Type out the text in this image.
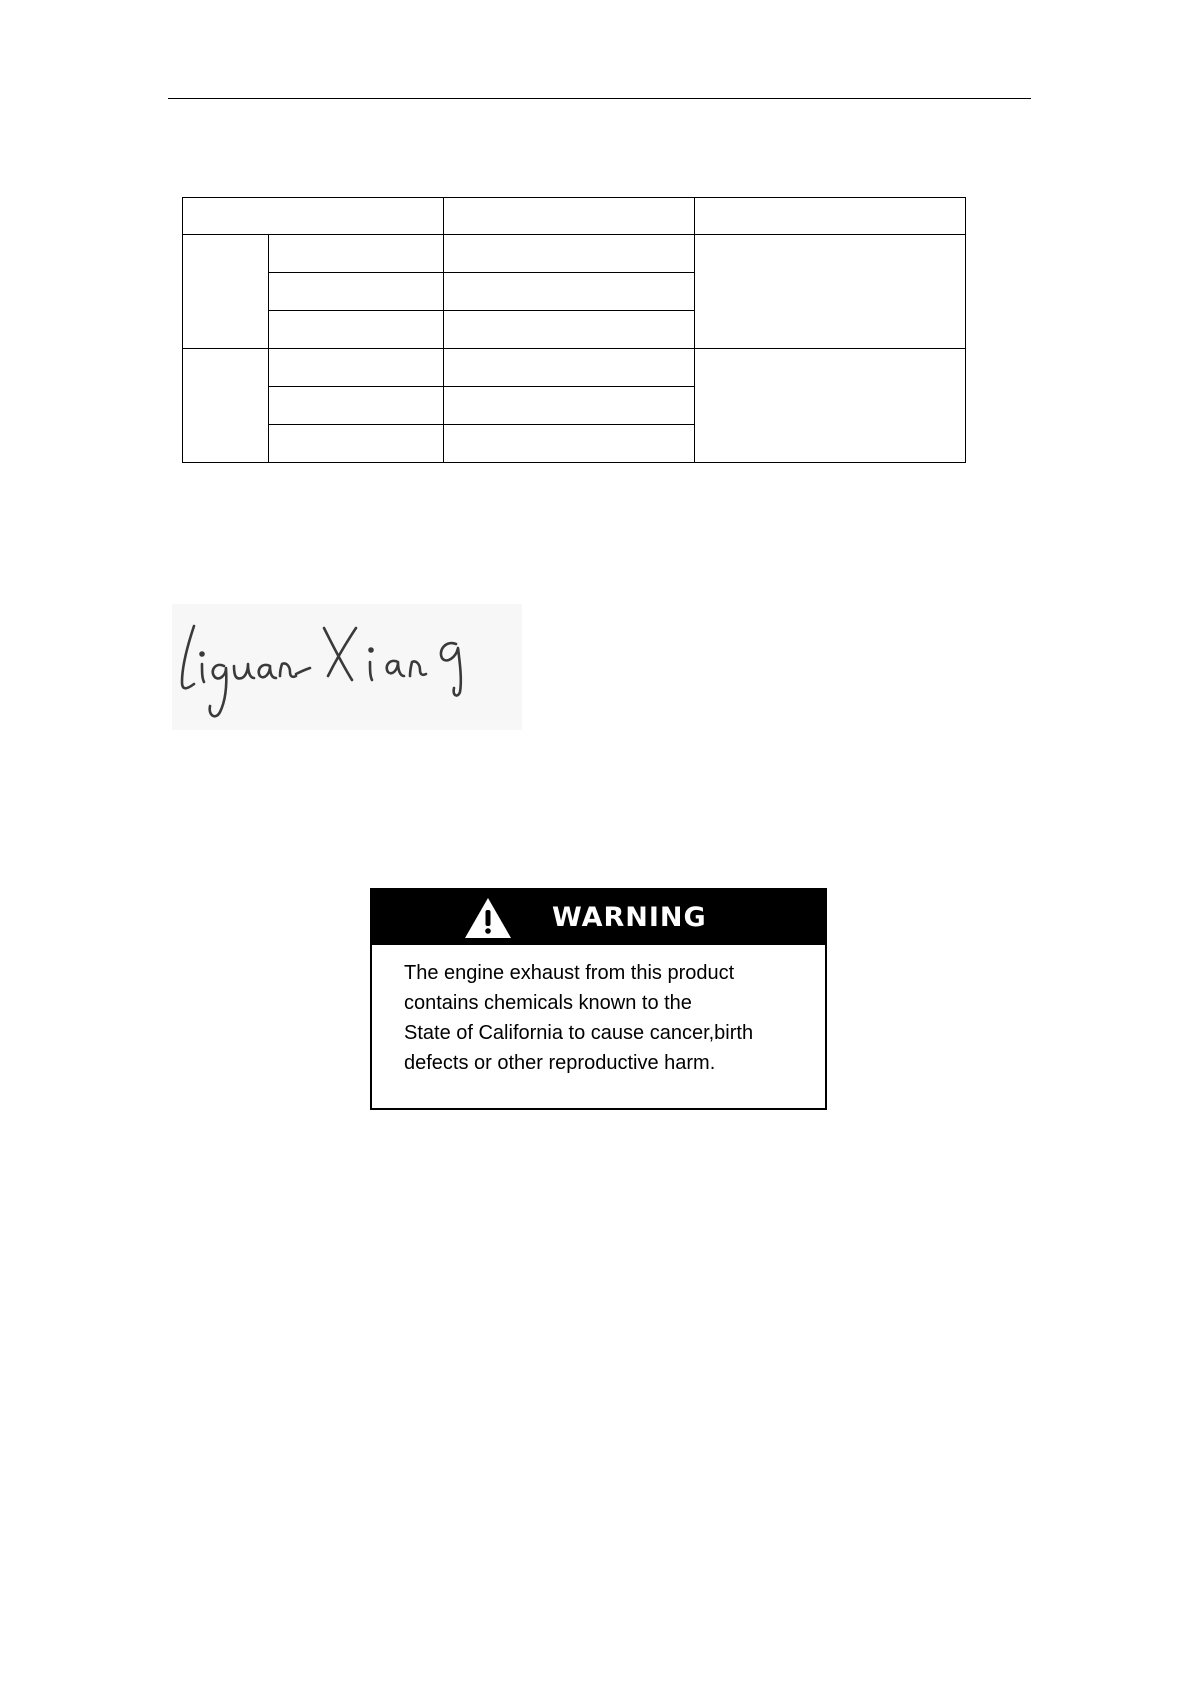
WARNING
The engine exhaust from this product
contains chemicals known to the
State of California to cause cancer,birth
defects or other reproductive harm.
